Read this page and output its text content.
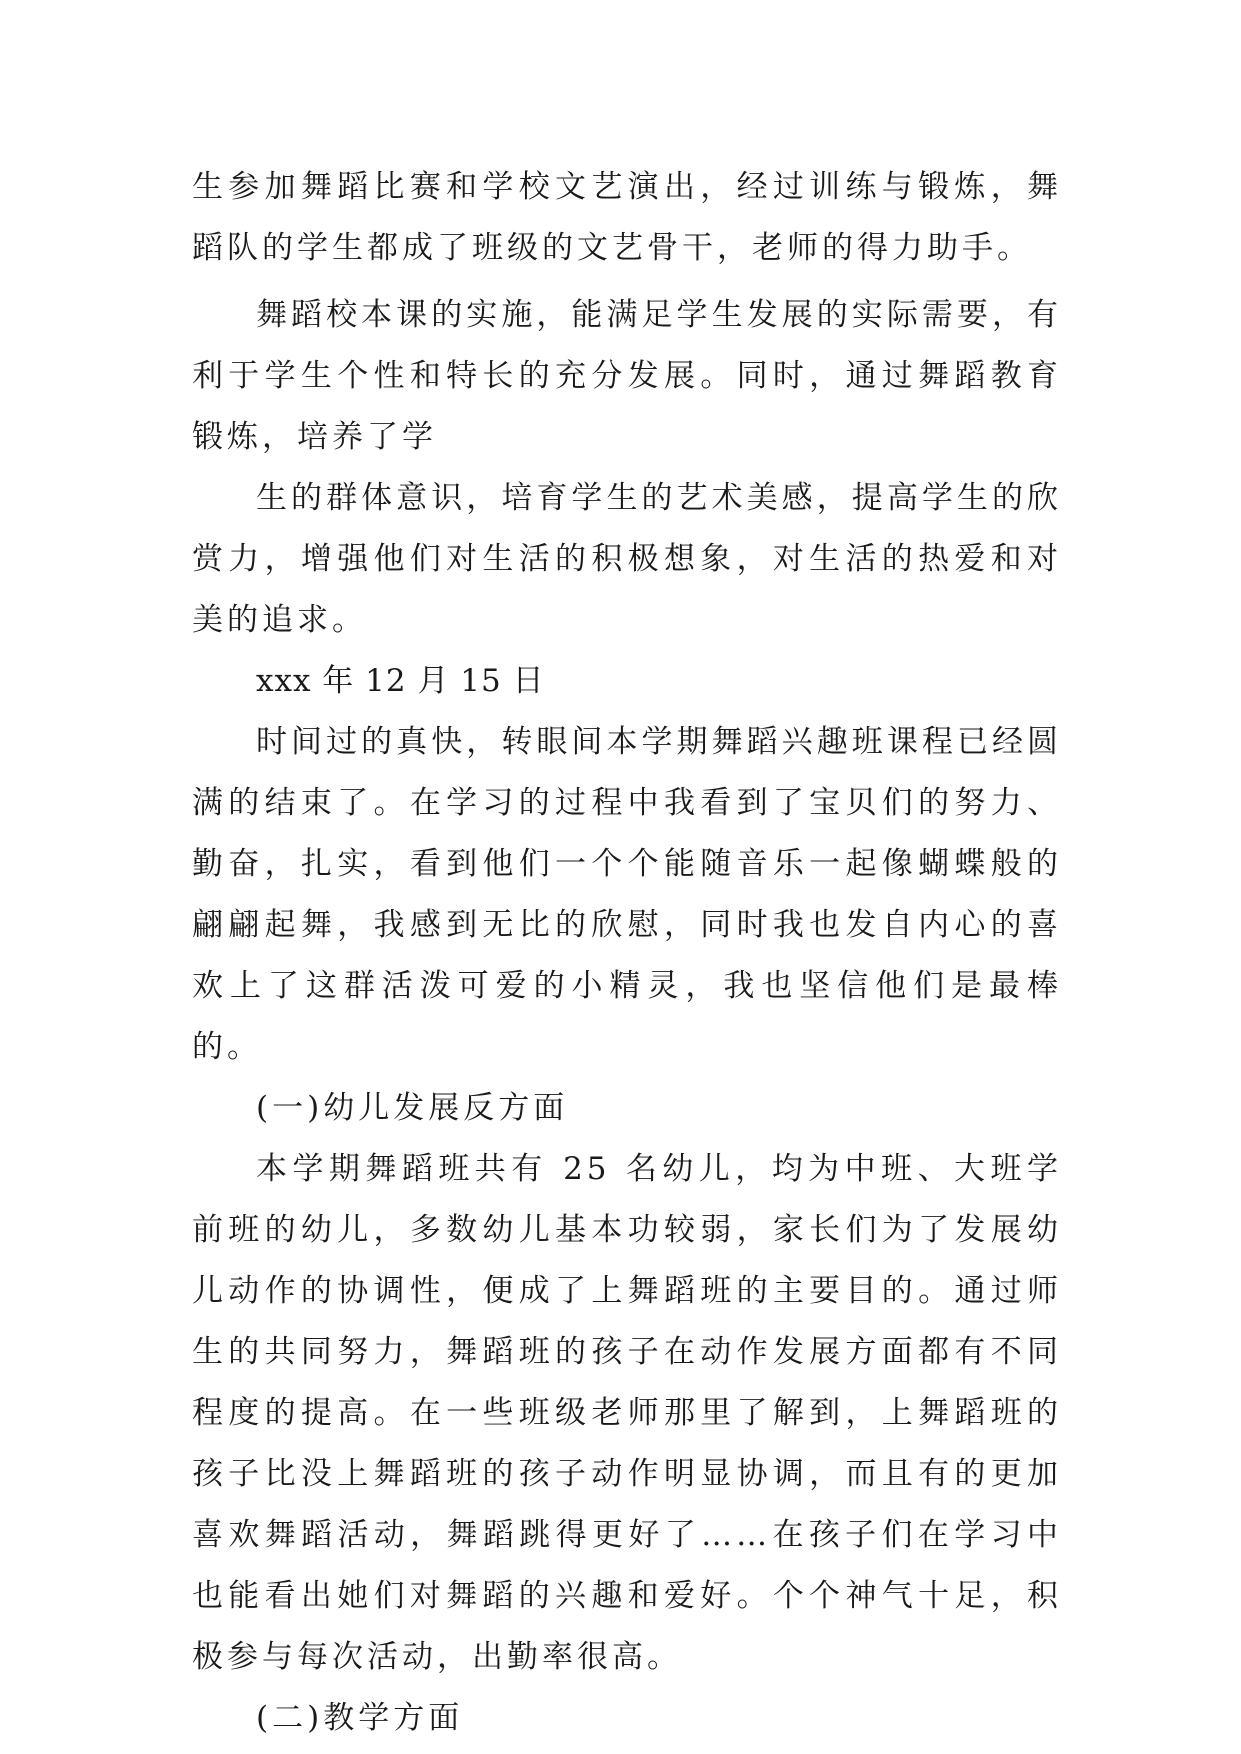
生参加舞蹈比赛和学校文艺演出，经过训练与锻炼，舞蹈队的学生都成了班级的文艺骨干，老师的得力助手。

舞蹈校本课的实施，能满足学生发展的实际需要，有利于学生个性和特长的充分发展。同时，通过舞蹈教育锻炼，培养了学

生的群体意识，培育学生的艺术美感，提高学生的欣赏力，增强他们对生活的积极想象，对生活的热爱和对美的追求。

xxx 年 12 月 15 日

时间过的真快，转眼间本学期舞蹈兴趣班课程已经圆满的结束了。在学习的过程中我看到了宝贝们的努力、勤奋，扎实，看到他们一个个能随音乐一起像蝴蝶般的翩翩起舞，我感到无比的欣慰，同时我也发自内心的喜欢上了这群活泼可爱的小精灵，我也坚信他们是最棒的。

(一)幼儿发展反方面

本学期舞蹈班共有 25 名幼儿，均为中班、大班学前班的幼儿，多数幼儿基本功较弱，家长们为了发展幼儿动作的协调性，便成了上舞蹈班的主要目的。通过师生的共同努力，舞蹈班的孩子在动作发展方面都有不同程度的提高。在一些班级老师那里了解到，上舞蹈班的孩子比没上舞蹈班的孩子动作明显协调，而且有的更加喜欢舞蹈活动，舞蹈跳得更好了……在孩子们在学习中也能看出她们对舞蹈的兴趣和爱好。个个神气十足，积极参与每次活动，出勤率很高。

(二)教学方面
